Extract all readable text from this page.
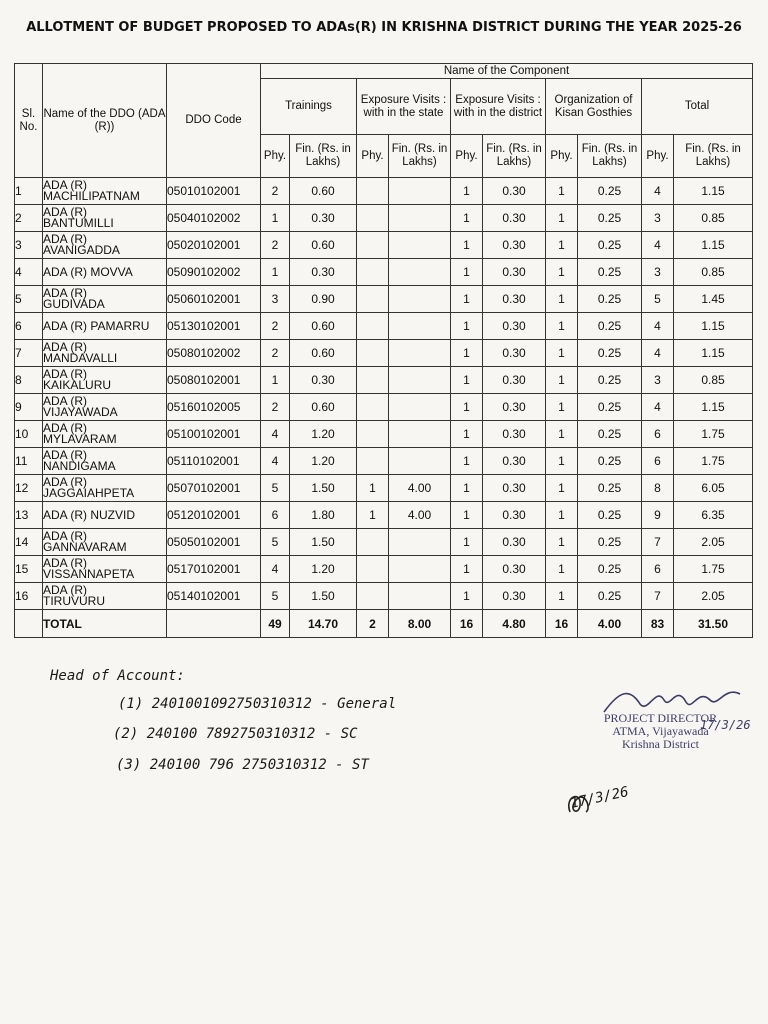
ALLOTMENT OF BUDGET PROPOSED TO ADAs(R) IN KRISHNA DISTRICT DURING THE YEAR 2025-26
Sl. No.	Name of the DDO (ADA (R))	DDO Code	Name of the Component									
			Trainings		Exposure Visits : with in the state		Exposure Visits : with in the district		Organization of Kisan Gosthies		Total	
			Phy.	Fin. (Rs. in Lakhs)	Phy.	Fin. (Rs. in Lakhs)	Phy.	Fin. (Rs. in Lakhs)	Phy.	Fin. (Rs. in Lakhs)	Phy.	Fin. (Rs. in Lakhs)
1	ADA (R)
MACHILIPATNAM	05010102001	2	0.60			1	0.30	1	0.25	4	1.15
2	ADA (R)
BANTUMILLI	05040102002	1	0.30			1	0.30	1	0.25	3	0.85
3	ADA (R)
AVANIGADDA	05020102001	2	0.60			1	0.30	1	0.25	4	1.15
4	ADA (R) MOVVA	05090102002	1	0.30			1	0.30	1	0.25	3	0.85
5	ADA (R)
GUDIVADA	05060102001	3	0.90			1	0.30	1	0.25	5	1.45
6	ADA (R) PAMARRU	05130102001	2	0.60			1	0.30	1	0.25	4	1.15
7	ADA (R)
MANDAVALLI	05080102002	2	0.60			1	0.30	1	0.25	4	1.15
8	ADA (R)
KAIKALURU	05080102001	1	0.30			1	0.30	1	0.25	3	0.85
9	ADA (R)
VIJAYAWADA	05160102005	2	0.60			1	0.30	1	0.25	4	1.15
10	ADA (R)
MYLAVARAM	05100102001	4	1.20			1	0.30	1	0.25	6	1.75
11	ADA (R)
NANDIGAMA	05110102001	4	1.20			1	0.30	1	0.25	6	1.75
12	ADA (R)
JAGGAIAHPETA	05070102001	5	1.50	1	4.00	1	0.30	1	0.25	8	6.05
13	ADA (R) NUZVID	05120102001	6	1.80	1	4.00	1	0.30	1	0.25	9	6.35
14	ADA (R)
GANNAVARAM	05050102001	5	1.50			1	0.30	1	0.25	7	2.05
15	ADA (R)
VISSANNAPETA	05170102001	4	1.20			1	0.30	1	0.25	6	1.75
16	ADA (R)
TIRUVURU	05140102001	5	1.50			1	0.30	1	0.25	7	2.05
	TOTAL		49	14.70	2	8.00	16	4.80	16	4.00	83	31.50
Head of Account:
(1) 2401001092750310312 - General
(2) 240100 7892750310312 - SC
(3) 240100 796 2750310312 - ST
17/3/26
PROJECT DIRECTOR
ATMA, Vijayawada
Krishna District
17/3/26
